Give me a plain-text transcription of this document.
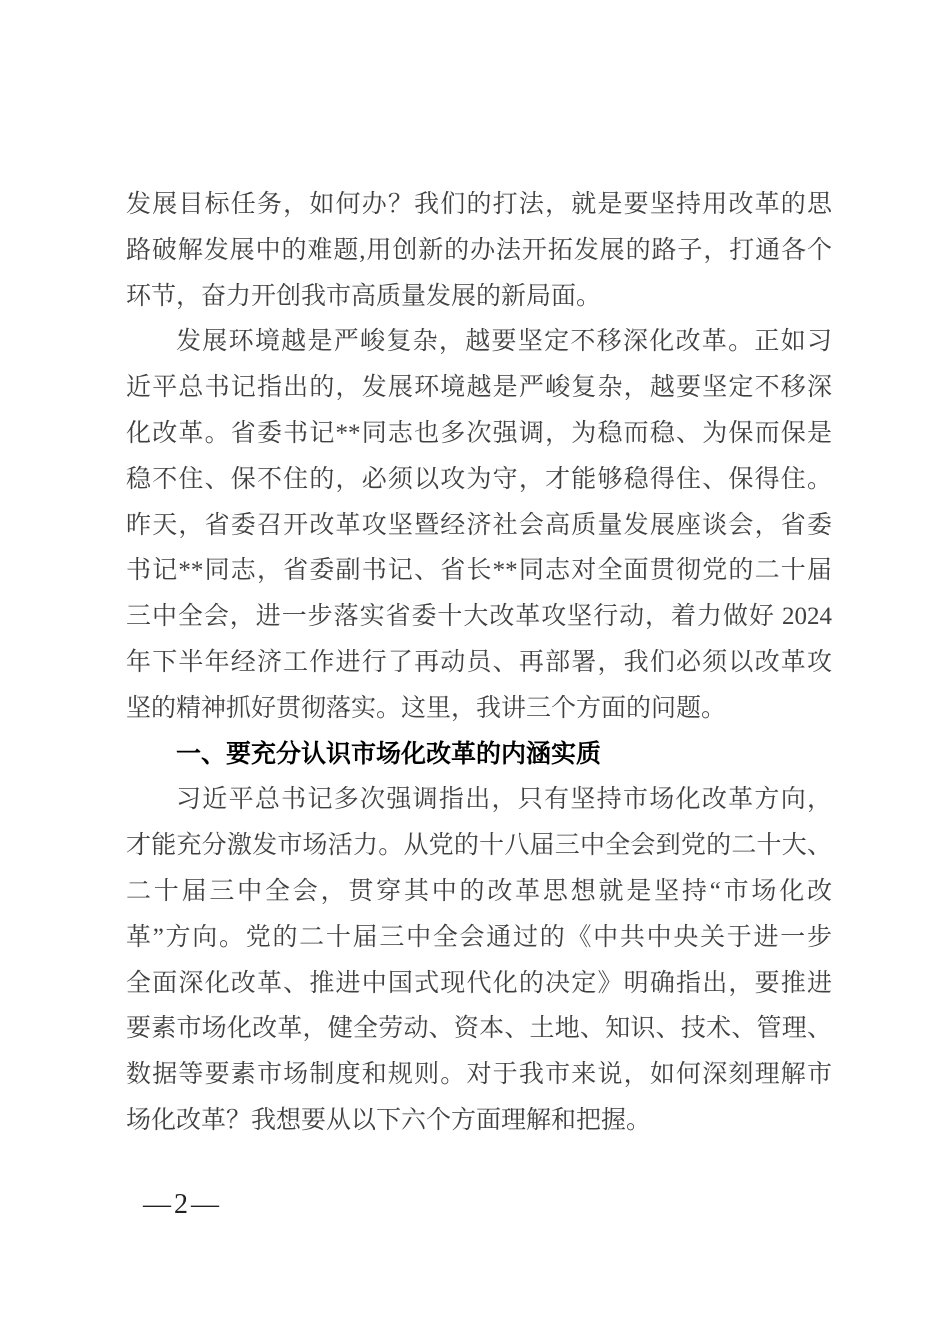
发展目标任务，如何办？我们的打法，就是要坚持用改革的思
路破解发展中的难题,用创新的办法开拓发展的路子，打通各个
环节，奋力开创我市高质量发展的新局面。
发展环境越是严峻复杂，越要坚定不移深化改革。正如习
近平总书记指出的，发展环境越是严峻复杂，越要坚定不移深
化改革。省委书记**同志也多次强调，为稳而稳、为保而保是
稳不住、保不住的，必须以攻为守，才能够稳得住、保得住。
昨天，省委召开改革攻坚暨经济社会高质量发展座谈会，省委
书记**同志，省委副书记、省长**同志对全面贯彻党的二十届
三中全会，进一步落实省委十大改革攻坚行动，着力做好 2024
年下半年经济工作进行了再动员、再部署，我们必须以改革攻
坚的精神抓好贯彻落实。这里，我讲三个方面的问题。
一、要充分认识市场化改革的内涵实质
习近平总书记多次强调指出，只有坚持市场化改革方向，
才能充分激发市场活力。从党的十八届三中全会到党的二十大、
二十届三中全会，贯穿其中的改革思想就是坚持“市场化改
革”方向。党的二十届三中全会通过的《中共中央关于进一步
全面深化改革、推进中国式现代化的决定》明确指出，要推进
要素市场化改革，健全劳动、资本、土地、知识、技术、管理、
数据等要素市场制度和规则。对于我市来说，如何深刻理解市
场化改革？我想要从以下六个方面理解和把握。
—2—
